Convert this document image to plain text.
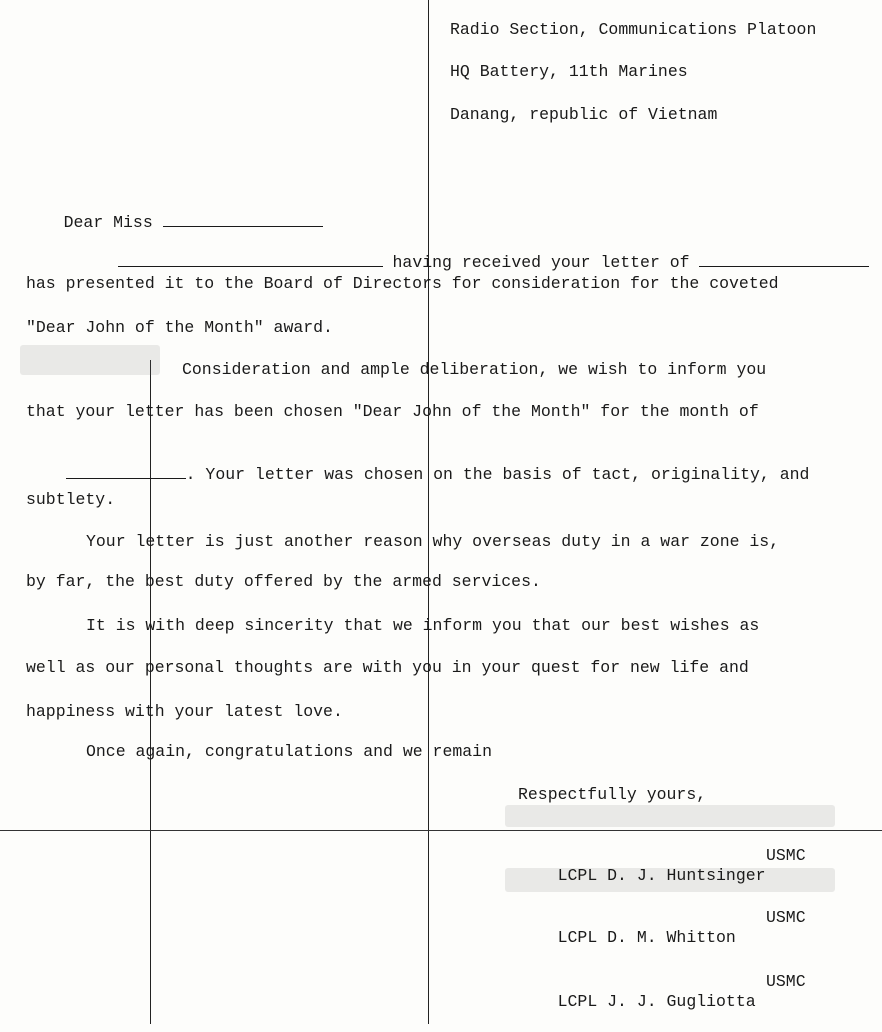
Radio Section, Communications Platoon
HQ Battery, 11th Marines
Danang, republic of Vietnam

Dear Miss

having received your letter of

has presented it to the Board of Directors for consideration for the coveted
"Dear John of the Month" award.
Consideration and ample deliberation, we wish to inform you
that your letter has been chosen "Dear John of the Month" for the month of

. Your letter was chosen on the basis of tact, originality, and

subtlety.
Your letter is just another reason why overseas duty in a war zone is,
by far, the best duty offered by the armed services.
It is with deep sincerity that we inform you that our best wishes as
well as our personal thoughts are with you in your quest for new life and
happiness with your latest love.
Once again, congratulations and we remain
Respectfully yours,

LCPL D. J. Huntsinger

USMC

LCPL D. M. Whitton

USMC

LCPL J. J. Gugliotta

USMC
